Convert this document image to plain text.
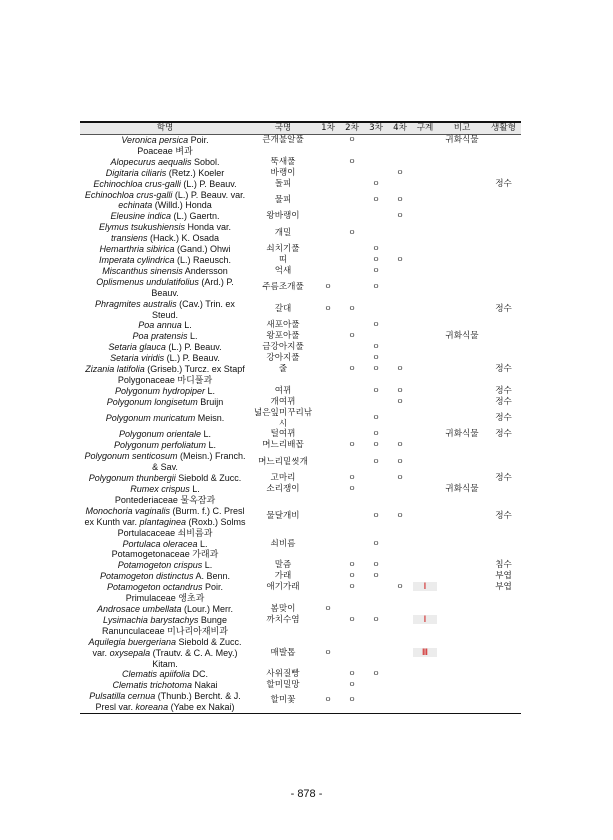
학명	국명	1차	2차	3차	4차	구계	비고	생활형
Veronica persica Poir.	큰개불알풀		ㅇ				귀화식물	
Poaceae 벼과								
Alopecurus aequalis Sobol.	뚝새풀		ㅇ					
Digitaria ciliaris (Retz.) Koeler	바랭이				ㅇ			
Echinochloa crus-galli (L.) P. Beauv.	돌피			ㅇ				정수
Echinochloa crus-galli (L.) P. Beauv. var. echinata (Willd.) Honda	물피			ㅇ	ㅇ			
Eleusine indica (L.) Gaertn.	왕바랭이				ㅇ			
Elymus tsukushiensis Honda var. transiens (Hack.) K. Osada	개밀		ㅇ					
Hemarthria sibirica (Gand.) Ohwi	쇠치기풀			ㅇ				
Imperata cylindrica (L.) Raeusch.	띠			ㅇ	ㅇ			
Miscanthus sinensis Andersson	억새			ㅇ				
Oplismenus undulatifolius (Ard.) P. Beauv.	주름조개풀	ㅇ		ㅇ				
Phragmites australis (Cav.) Trin. ex Steud.	갈대	ㅇ	ㅇ					정수
Poa annua L.	새포아풀			ㅇ				
Poa pratensis L.	왕포아풀		ㅇ				귀화식물	
Setaria glauca (L.) P. Beauv.	금강아지풀			ㅇ				
Setaria viridis (L.) P. Beauv.	강아지풀			ㅇ				
Zizania latifolia (Griseb.) Turcz. ex Stapf	줄		ㅇ	ㅇ	ㅇ			정수
Polygonaceae 마디풀과								
Polygonum hydropiper L.	여뀌			ㅇ	ㅇ			정수
Polygonum longisetum Bruijn	개여뀌				ㅇ			정수
Polygonum muricatum Meisn.	넓은잎미꾸리낚시			ㅇ				정수
Polygonum orientale L.	털여뀌			ㅇ			귀화식물	정수
Polygonum perfoliatum L.	며느리배꼽		ㅇ	ㅇ	ㅇ			
Polygonum senticosum (Meisn.) Franch. & Sav.	며느리밑씻개			ㅇ	ㅇ			
Polygonum thunbergii Siebold & Zucc.	고마리		ㅇ		ㅇ			정수
Rumex crispus L.	소리쟁이		ㅇ				귀화식물	
Pontederiaceae 물옥잠과								
Monochoria vaginalis (Burm. f.) C. Presl ex Kunth var. plantaginea (Roxb.) Solms	물달개비			ㅇ	ㅇ			정수
Portulacaceae 쇠비름과								
Portulaca oleracea L.	쇠비름			ㅇ				
Potamogetonaceae 가래과								
Potamogeton crispus L.	말즘		ㅇ	ㅇ				침수
Potamogeton distinctus A. Benn.	가래		ㅇ	ㅇ				부엽
Potamogeton octandrus Poir.	애기가래		ㅇ		ㅇ	Ⅰ		부엽
Primulaceae 앵초과								
Androsace umbellata (Lour.) Merr.	봄맞이	ㅇ						
Lysimachia barystachys Bunge	까치수염		ㅇ	ㅇ		Ⅰ		
Ranunculaceae 미나리아재비과								
Aquilegia buergeriana Siebold & Zucc. var. oxysepala (Trautv. & C. A. Mey.) Kitam.	매발톱	ㅇ				Ⅲ		
Clematis apiifolia DC.	사위질빵		ㅇ	ㅇ				
Clematis trichotoma Nakai	할미밀망		ㅇ					
Pulsatilla cernua (Thunb.) Bercht. & J. Presl var. koreana (Yabe ex Nakai)	할미꽃	ㅇ	ㅇ					
- 878 -
